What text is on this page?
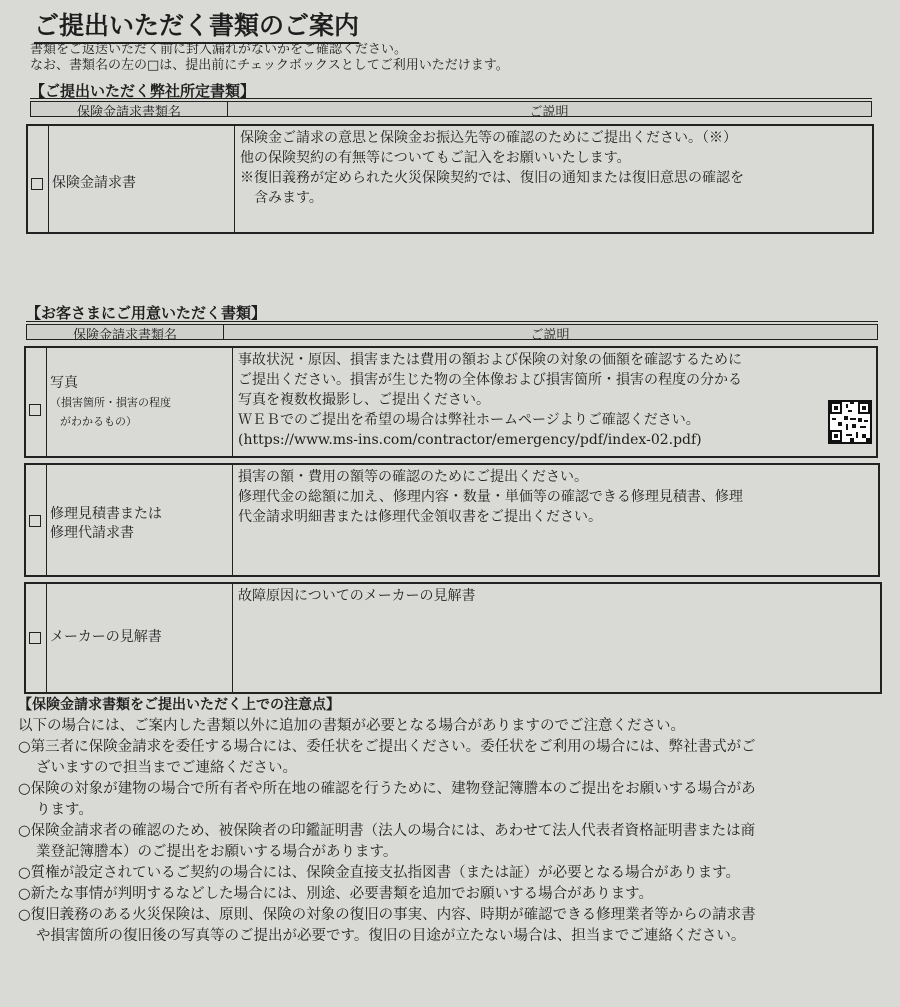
ご提出いただく書類のご案内
書類をご返送いただく前に封入漏れがないかをご確認ください。
なお、書類名の左の□は、提出前にチェックボックスとしてご利用いただけます。
【ご提出いただく弊社所定書類】
保険金請求書類名	ご説明
保険金請求書
保険金ご請求の意思と保険金お振込先等の確認のためにご提出ください。（※）
他の保険契約の有無等についてもご記入をお願いいたします。
※復旧義務が定められた火災保険契約では、復旧の通知または復旧意思の確認を
　含みます。
【お客さまにご用意いただく書類】
保険金請求書類名	ご説明
写真
（損害箇所・損害の程度
がわかるもの）
事故状況・原因、損害または費用の額および保険の対象の価額を確認するために
ご提出ください。損害が生じた物の全体像および損害箇所・損害の程度の分かる
写真を複数枚撮影し、ご提出ください。
ＷＥＢでのご提出を希望の場合は弊社ホームページよりご確認ください。
(https://www.ms-ins.com/contractor/emergency/pdf/index-02.pdf)
修理見積書または
修理代請求書
損害の額・費用の額等の確認のためにご提出ください。
修理代金の総額に加え、修理内容・数量・単価等の確認できる修理見積書、修理
代金請求明細書または修理代金領収書をご提出ください。
メーカーの見解書
故障原因についてのメーカーの見解書
【保険金請求書類をご提出いただく上での注意点】
以下の場合には、ご案内した書類以外に追加の書類が必要となる場合がありますのでご注意ください。
○第三者に保険金請求を委任する場合には、委任状をご提出ください。委任状をご利用の場合には、弊社書式がご
ざいますので担当までご連絡ください。
○保険の対象が建物の場合で所有者や所在地の確認を行うために、建物登記簿謄本のご提出をお願いする場合があ
ります。
○保険金請求者の確認のため、被保険者の印鑑証明書（法人の場合には、あわせて法人代表者資格証明書または商
業登記簿謄本）のご提出をお願いする場合があります。
○質権が設定されているご契約の場合には、保険金直接支払指図書（または証）が必要となる場合があります。
○新たな事情が判明するなどした場合には、別途、必要書類を追加でお願いする場合があります。
○復旧義務のある火災保険は、原則、保険の対象の復旧の事実、内容、時期が確認できる修理業者等からの請求書
や損害箇所の復旧後の写真等のご提出が必要です。復旧の目途が立たない場合は、担当までご連絡ください。
